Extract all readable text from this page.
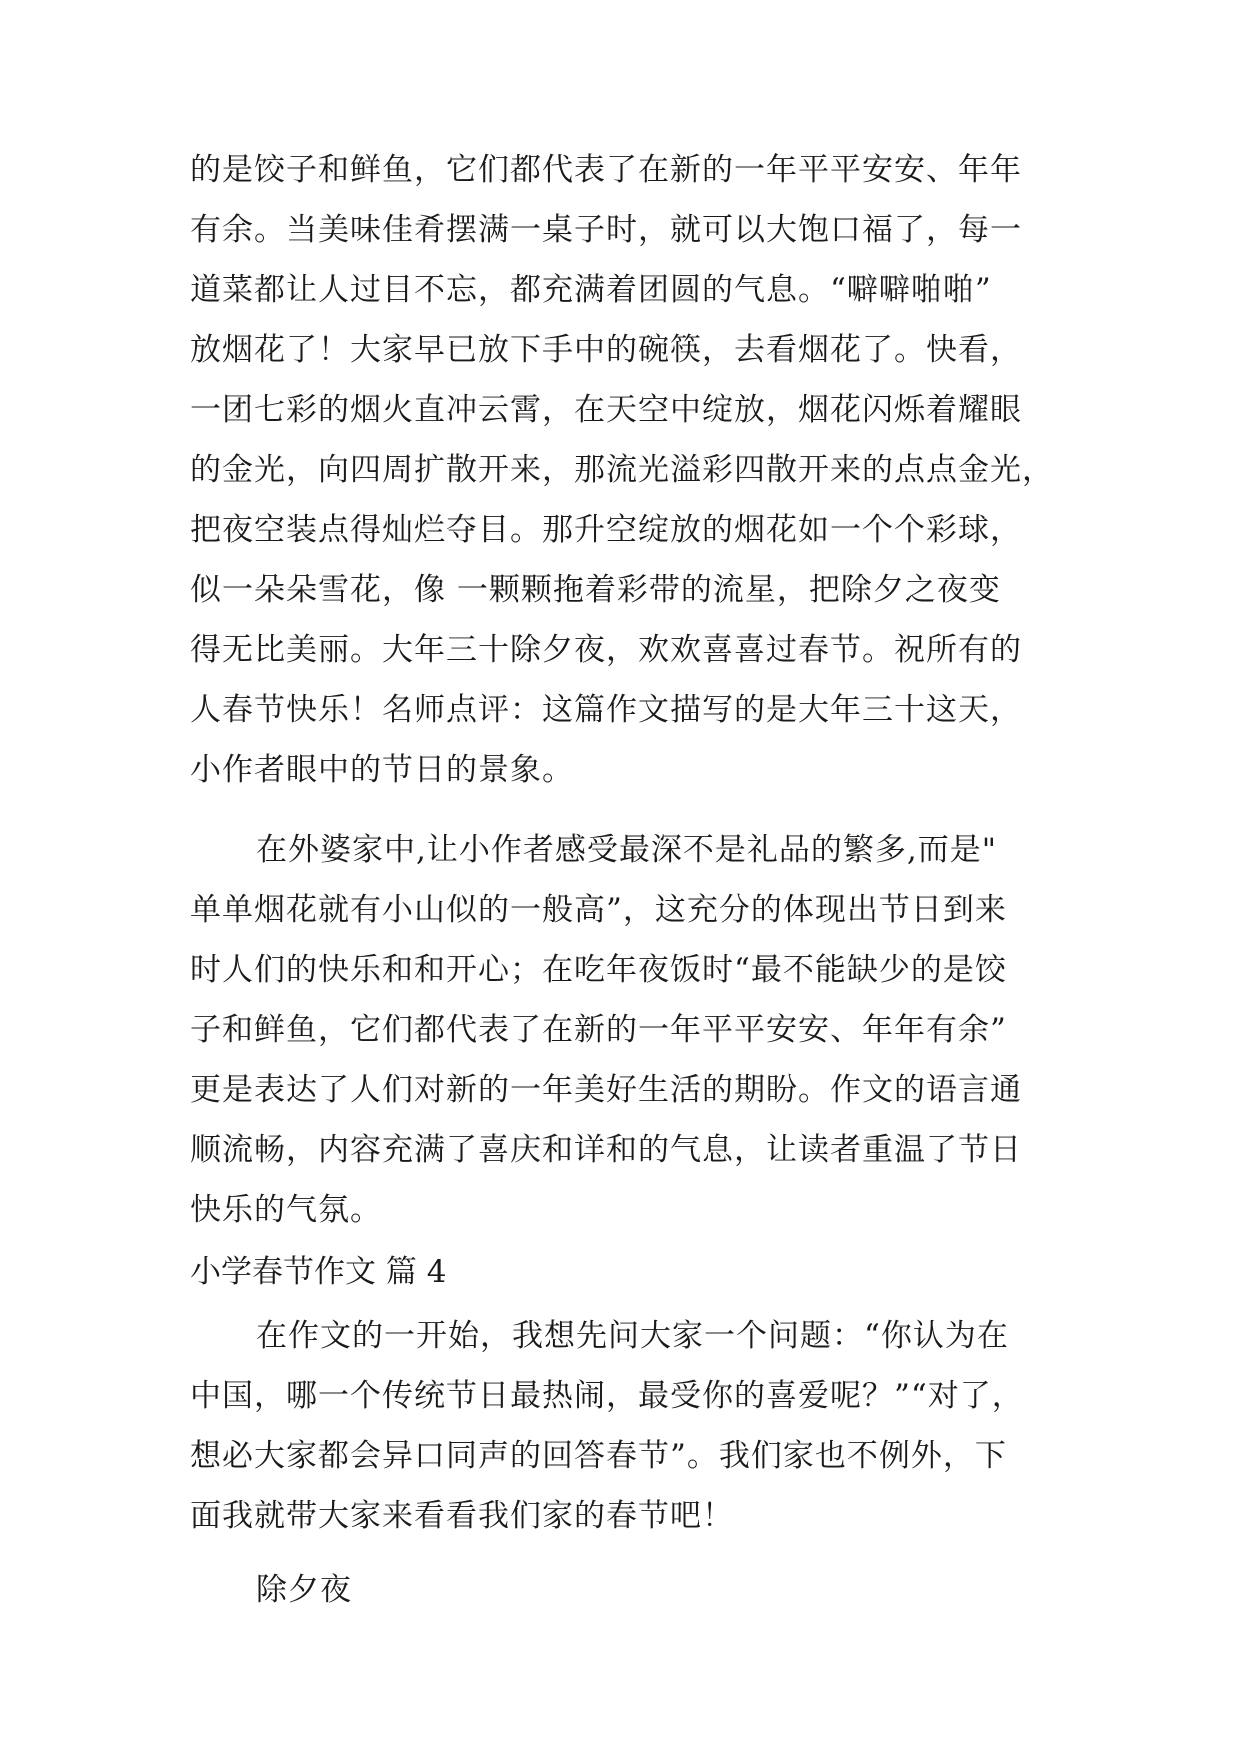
的是饺子和鲜鱼，它们都代表了在新的一年平平安安、年年
有余。当美味佳肴摆满一桌子时，就可以大饱口福了，每一
道菜都让人过目不忘，都充满着团圆的气息。“噼噼啪啪”
放烟花了！大家早已放下手中的碗筷，去看烟花了。快看，
一团七彩的烟火直冲云霄，在天空中绽放，烟花闪烁着耀眼
的金光，向四周扩散开来，那流光溢彩四散开来的点点金光，
把夜空装点得灿烂夺目。那升空绽放的烟花如一个个彩球，
似一朵朵雪花，像 一颗颗拖着彩带的流星，把除夕之夜变
得无比美丽。大年三十除夕夜，欢欢喜喜过春节。祝所有的
人春节快乐！名师点评：这篇作文描写的是大年三十这天，
小作者眼中的节日的景象。
在外婆家中,让小作者感受最深不是礼品的繁多,而是"
单单烟花就有小山似的一般高”，这充分的体现出节日到来
时人们的快乐和和开心；在吃年夜饭时“最不能缺少的是饺
子和鲜鱼，它们都代表了在新的一年平平安安、年年有余”
更是表达了人们对新的一年美好生活的期盼。作文的语言通
顺流畅，内容充满了喜庆和详和的气息，让读者重温了节日
快乐的气氛。
小学春节作文 篇 4
在作文的一开始，我想先问大家一个问题：“你认为在
中国，哪一个传统节日最热闹，最受你的喜爱呢？”“对了，
想必大家都会异口同声的回答春节”。我们家也不例外，下
面我就带大家来看看我们家的春节吧！
除夕夜
